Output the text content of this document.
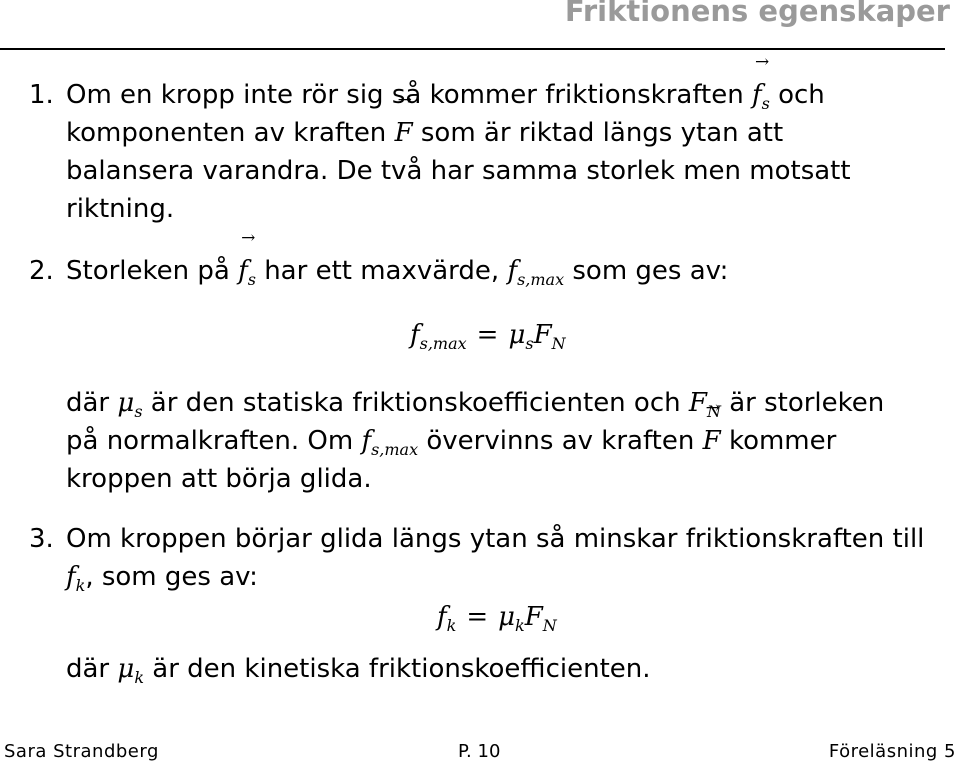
Friktionens egenskaper
1. Om en kropp inte rör sig så kommer friktionskraften → $f_s$ och
komponenten av kraften → F som är riktad längs ytan att
balansera varandra. De två har samma storlek men motsatt
riktning.
2. Storleken på → $f_s$ har ett maxvärde, $f_{s,max}$ som ges av:
$f_{s,max} = \mu_sF_N$
där $\mu_s$ är den statiska friktionskoefficienten och $F_N$ är storleken
på normalkraften. Om $f_{s,max}$ övervinns av kraften → F kommer
kroppen att börja glida.
3. Om kroppen börjar glida längs ytan så minskar friktionskraften till
$f_k$, som ges av:
$f_k = \mu_kF_N$
där $\mu_k$ är den kinetiska friktionskoefficienten.
Sara Strandberg	P. 10	Föreläsning 5
